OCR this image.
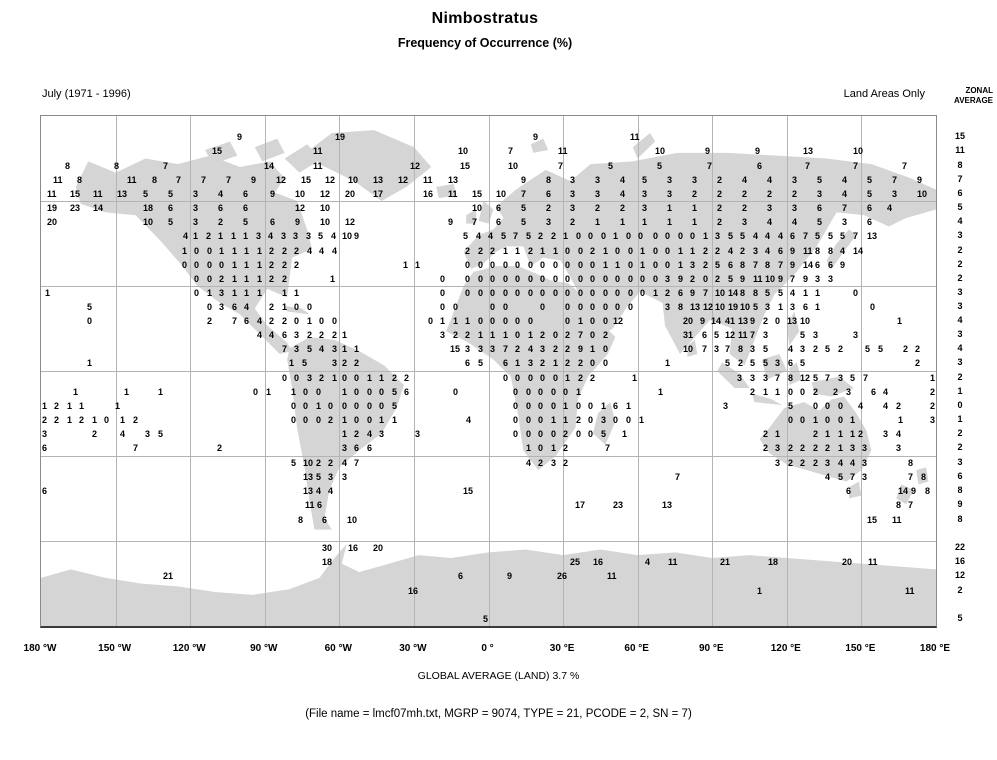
Nimbostratus
Frequency of Occurrence (%)
July (1971 - 1996)	Land Areas Only	ZONAL
AVERAGE
9	19	9	11
15	11	10	7	11	10	9	9	13	10
8	8	7	14	11	12	15	10	7	5	5	7	6	7	7	7
11 8	11 8 7 7 7 9 12 15 12 10 13 12 11 13	9 8 3 3 4 5 3 3 2 4 4 3 5 4 5 7 9
11 15 11 13 5 5 3 4 6 9 10 12 20 17	16 11 15 10 7 6 3 3 4 3 3 2 2 2 2 2 3 4 5 3 10
19 23 14	18 6 3 6 6	12 10	10 6 5 2 3 2 2 3 1 1 2 2 3 3 6 7 6 4
20	10 5 3 2 5 6 9 10 12	9 7 6 5 3 2 1 1 1 1 1 2 3 4 4 5 3 6
4 1 2 1 1 1 3 4 3 3 3 5 4 10 9	5 4 4 5 7 5 2 2 1 0 0 0 1 0 0 0 0 0 0 1 3 5 5 4 4 4 6 7 5 5 5 7 13
1 0 0 1 1 1 1 2 2 2 4 4 4	2 2 2 1 1 2 1 1 0 0 2 1 0 0 1 0 0 1 1 2 2 4 2 3 4 6 9 11 8 8 4 14
0 0 0 0 1 1 1 2 2 2	1 1	0 0 0 0 0 0 0 0 0 0 0 1 1 0 1 0 0 1 3 2 5 6 8 7 8 7 9 14 6 6 9
0 0 2 1 1 1 2 2	1	0 0 0 0 0 0 0 0 0 0 0 0 0 0 0 0 0 3 9 2 0 2 5 9 11 10 9 7 9 3 3
1	0 1 3 1 1 1 1 1	0 0 0 0 0 0 0 0 0 0 0 0 0 0 0 0 1 2 6 9 7 10 14 8 8 5 5 4 1 1	0
5	0 3 6 4 2 1 0 0	0 0	0 0	0 0 0 0 0 0 0	3 8 13 12 10 19 10 5 3 1 3 6 1	0
0	2 7 6 4 2 2 0 1 0 0	0 1 1 1 0 0 0 0 0	0 1 0 0 12	20 9 14 41 13 9 2 0 13 10	1
4 4 6 3 2 2 2 1	3 2 2 1 1 1 0 1 2 0 2 7 0 2	31 6 5 12 11 7 3	5 3	3
7 3 5 4 3 1 1	15 3 3 3 7 2 4 3 2 2 9 1 0	10 7 3 7 8 3 5 4 3 2 5 2 5 5 2 2
1	1 5	3 2 2	6 5 6 1 3 2 1 2 2 0 0	1	5 2 5 5 3 6 5	2
0 0 3 2 1 0 0 1 1 2 2	0 0 0 0 0 1 2 2	1	3 3 3 7 8 12 5 7 3 5 7	1
1	1	1	0 1 1 0 0 1 0 0 0 5 6	0	0 0 0 0 0 1	1	2 1 1 0 0 2 2 3 6 4	2
1 2 1 1	1	0 0 1 0 0 0 0 0 5	0 0 0 0 1 0 0 1 6 1	3	5 0 0 0 4 4 2	2
2 2 1 2 1 0 1 2	0 0 0 2 1 0 0 1 1	4	0 0 0 1 1 2 0 3 0 0 1	0 0 1 0 0 1	1	3
3	2	4 3 5	1 2 4 3	3	0 0 0 0 2 0 0 5 1	2 1	2 1 1 1 2 3 4
6	7	2	3 6 6	1 0 1 2	7	2 3 2 2 2 2 1 3 3	3
5 10 2 2 4 7	4 2 3 2	3 2 2 2 3 4 4 3	8
13 5 3 3	7	4 5 7 3	7 8
6	13 4 4	15	6	14 9 8
11 6	17	23	13	8 7
8 6 10	15 11
30 16 20
18	25 16	4 11	21	18	20 11
21	6	9	26	11
16	1	11
5
15
11
8
7
6
5
4
3
2
2
2
3
3
4
3
4
3
2
1
0
1
2
2
3
6
8
9
8
22
16
12
2
5
180 °W	150 °W	120 °W	90 °W	60 °W	30 °W	0 °	30 °E	60 °E	90 °E	120 °E	150 °E	180 °E
GLOBAL AVERAGE (LAND) 3.7 %
(File name = lmcf07mh.txt, MGRP = 9074, TYPE = 21, PCODE = 2, SN = 7)
